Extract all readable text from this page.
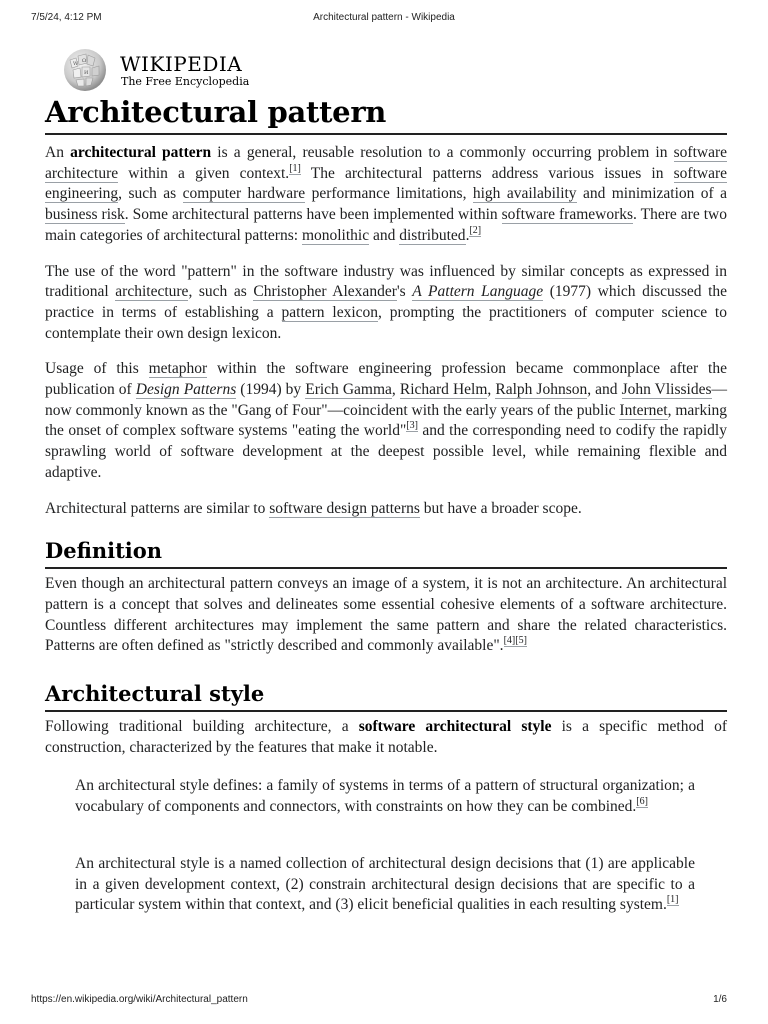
7/5/24, 4:12 PM	Architectural pattern - Wikipedia
W Ω
И WIKIPEDIA
The Free Encyclopedia
Architectural pattern

An architectural pattern is a general, reusable resolution to a commonly occurring problem in software architecture within a given context.[1] The architectural patterns address various issues in software engineering, such as computer hardware performance limitations, high availability and minimization of a business risk. Some architectural patterns have been implemented within software frameworks. There are two main categories of architectural patterns: monolithic and distributed.[2]

The use of the word "pattern" in the software industry was influenced by similar concepts as expressed in traditional architecture, such as Christopher Alexander's A Pattern Language (1977) which discussed the practice in terms of establishing a pattern lexicon, prompting the practitioners of computer science to contemplate their own design lexicon.

Usage of this metaphor within the software engineering profession became commonplace after the publication of Design Patterns (1994) by Erich Gamma, Richard Helm, Ralph Johnson, and John Vlissides—now commonly known as the "Gang of Four"—coincident with the early years of the public Internet, marking the onset of complex software systems "eating the world"[3] and the corresponding need to codify the rapidly sprawling world of software development at the deepest possible level, while remaining flexible and adaptive.

Architectural patterns are similar to software design patterns but have a broader scope.

Definition

Even though an architectural pattern conveys an image of a system, it is not an architecture. An architectural pattern is a concept that solves and delineates some essential cohesive elements of a software architecture. Countless different architectures may implement the same pattern and share the related characteristics. Patterns are often defined as "strictly described and commonly available".[4][5]

Architectural style

Following traditional building architecture, a software architectural style is a specific method of construction, characterized by the features that make it notable.

An architectural style defines: a family of systems in terms of a pattern of structural organization; a vocabulary of components and connectors, with constraints on how they can be combined.[6]

An architectural style is a named collection of architectural design decisions that (1) are applicable in a given development context, (2) constrain architectural design decisions that are specific to a particular system within that context, and (3) elicit beneficial qualities in each resulting system.[1]

https://en.wikipedia.org/wiki/Architectural_pattern	1/6
